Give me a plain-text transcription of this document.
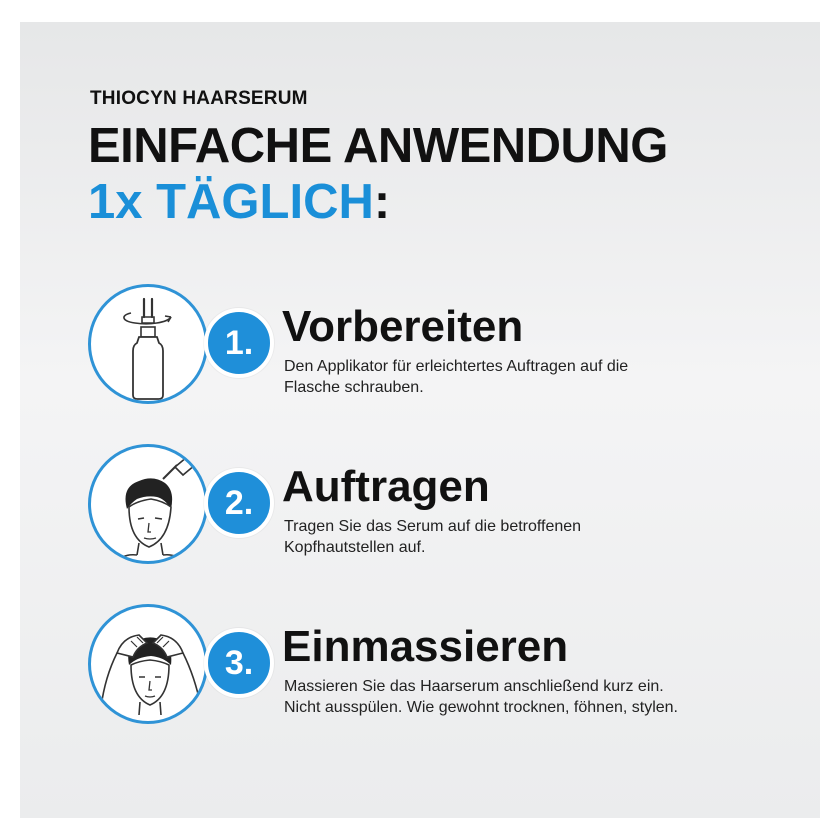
THIOCYN HAARSERUM
EINFACHE ANWENDUNG
1x TÄGLICH:
1. Vorbereiten
Den Applikator für erleichtertes Auftragen auf die
Flasche schrauben.
2. Auftragen
Tragen Sie das Serum auf die betroffenen
Kopfhautstellen auf.
3. Einmassieren
Massieren Sie das Haarserum anschließend kurz ein.
Nicht ausspülen. Wie gewohnt trocknen, föhnen, stylen.
